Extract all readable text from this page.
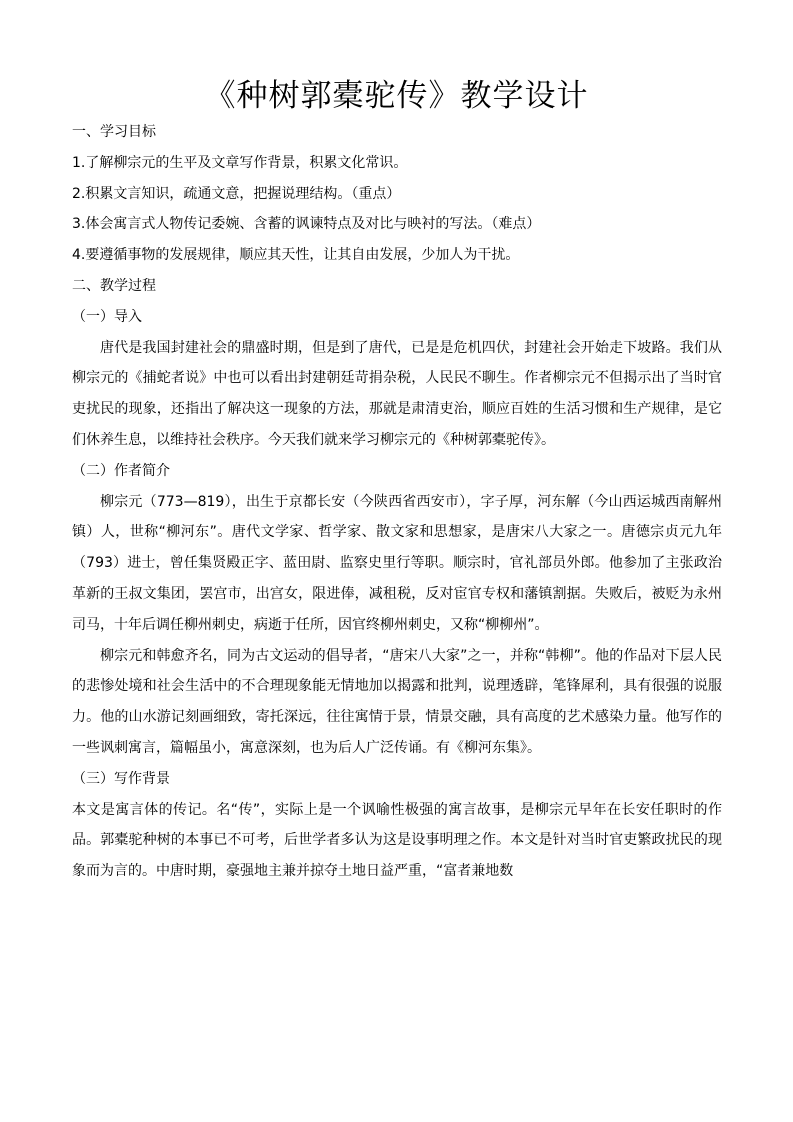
《种树郭橐驼传》教学设计
一、学习目标
1.了解柳宗元的生平及文章写作背景，积累文化常识。
2.积累文言知识，疏通文意，把握说理结构。（重点）
3.体会寓言式人物传记委婉、含蓄的讽谏特点及对比与映衬的写法。（难点）
4.要遵循事物的发展规律，顺应其天性，让其自由发展，少加人为干扰。
二、教学过程
（一）导入
唐代是我国封建社会的鼎盛时期，但是到了唐代，已是是危机四伏，封建社会开始走下坡路。我们从柳宗元的《捕蛇者说》中也可以看出封建朝廷苛捐杂税，人民民不聊生。作者柳宗元不但揭示出了当时官吏扰民的现象，还指出了解决这一现象的方法，那就是肃清吏治，顺应百姓的生活习惯和生产规律，是它们休养生息，以维持社会秩序。今天我们就来学习柳宗元的《种树郭橐驼传》。
（二）作者简介
柳宗元（773—819），出生于京都长安（今陕西省西安市），字子厚，河东解（今山西运城西南解州镇）人，世称“柳河东”。唐代文学家、哲学家、散文家和思想家，是唐宋八大家之一。唐德宗贞元九年（793）进士，曾任集贤殿正字、蓝田尉、监察史里行等职。顺宗时，官礼部员外郎。他参加了主张政治革新的王叔文集团，罢宫市，出宫女，限进俸，减租税，反对宦官专权和藩镇割据。失败后，被贬为永州司马，十年后调任柳州刺史，病逝于任所，因官终柳州刺史，又称“柳柳州”。
柳宗元和韩愈齐名，同为古文运动的倡导者，“唐宋八大家”之一，并称“韩柳”。他的作品对下层人民的悲惨处境和社会生活中的不合理现象能无情地加以揭露和批判，说理透辟，笔锋犀利，具有很强的说服力。他的山水游记刻画细致，寄托深远，往往寓情于景，情景交融，具有高度的艺术感染力量。他写作的一些讽刺寓言，篇幅虽小，寓意深刻，也为后人广泛传诵。有《柳河东集》。
（三）写作背景
本文是寓言体的传记。名“传”，实际上是一个讽喻性极强的寓言故事，是柳宗元早年在长安任职时的作品。郭橐驼种树的本事已不可考，后世学者多认为这是设事明理之作。本文是针对当时官吏繁政扰民的现象而为言的。中唐时期，豪强地主兼并掠夺土地日益严重，“富者兼地数
